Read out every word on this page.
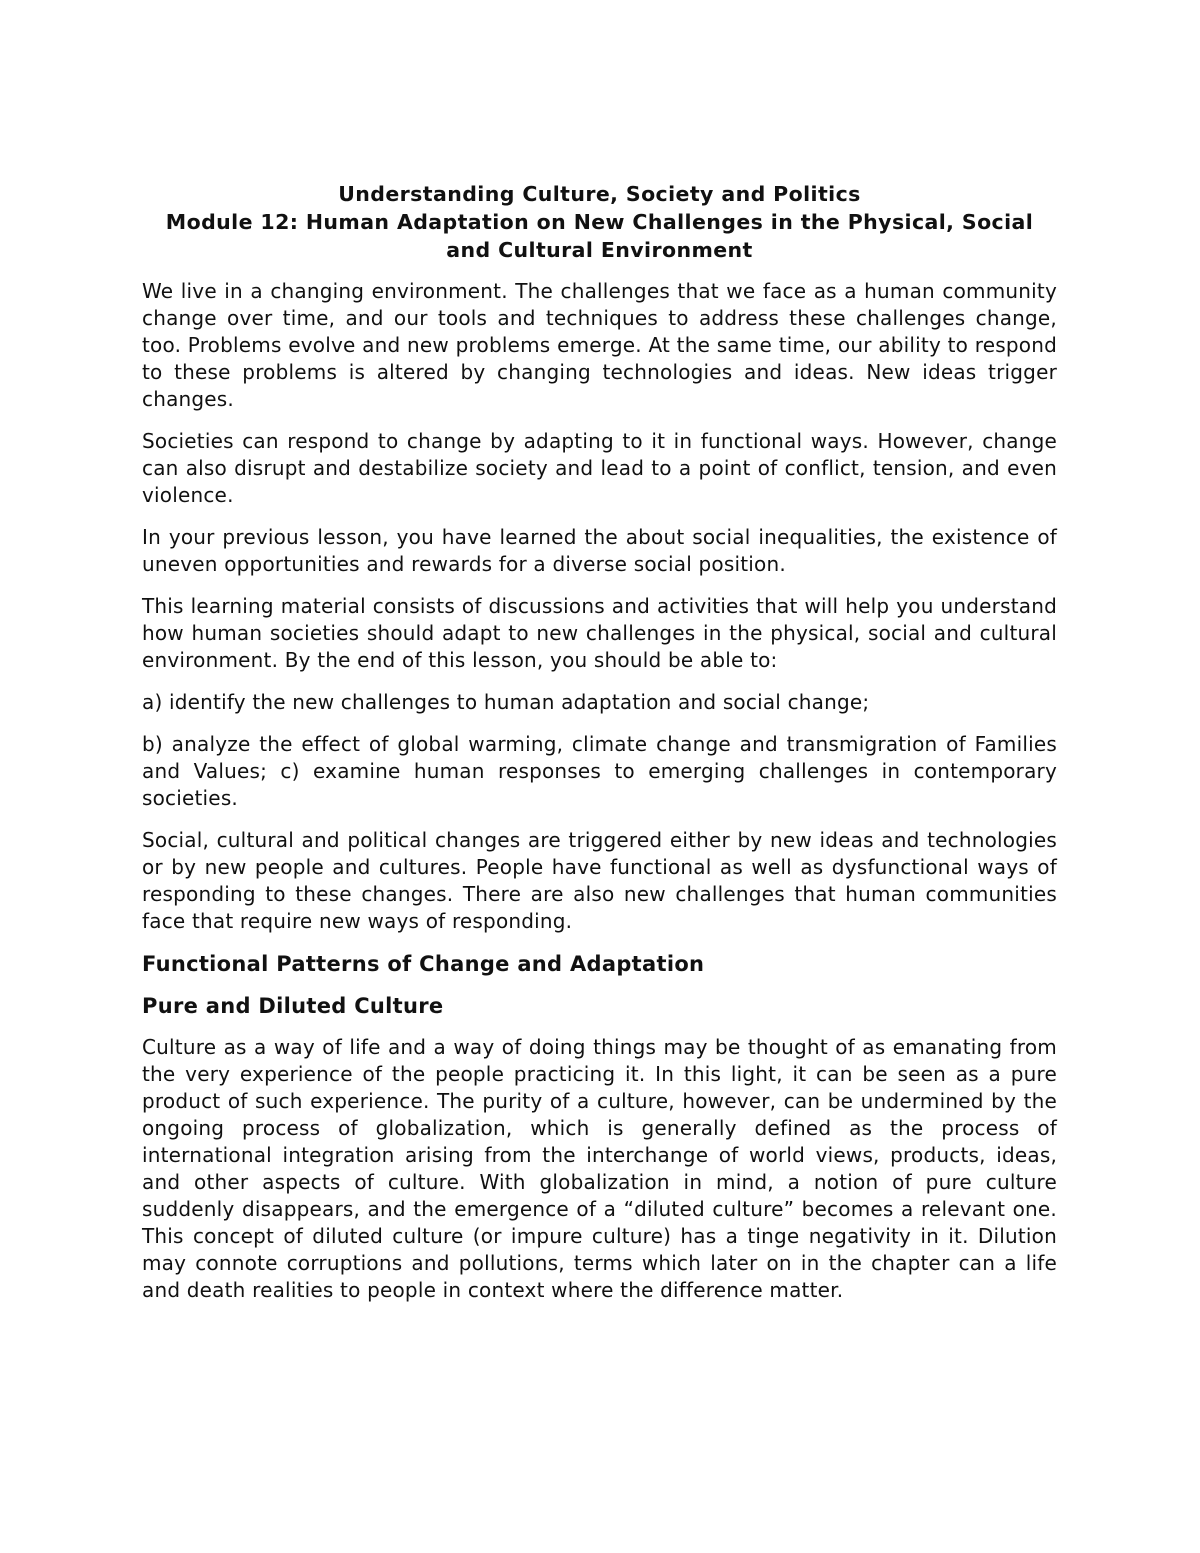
Understanding Culture, Society and Politics
Module 12: Human Adaptation on New Challenges in the Physical, Social
and Cultural Environment

We live in a changing environment. The challenges that we face as a human community change over time, and our tools and techniques to address these challenges change, too. Problems evolve and new problems emerge. At the same time, our ability to respond to these problems is altered by changing technologies and ideas. New ideas trigger changes.

Societies can respond to change by adapting to it in functional ways. However, change can also disrupt and destabilize society and lead to a point of conflict, tension, and even violence.

In your previous lesson, you have learned the about social inequalities, the existence of uneven opportunities and rewards for a diverse social position.

This learning material consists of discussions and activities that will help you understand how human societies should adapt to new challenges in the physical, social and cultural environment. By the end of this lesson, you should be able to:

a) identify the new challenges to human adaptation and social change;

b) analyze the effect of global warming, climate change and transmigration of Families and Values; c) examine human responses to emerging challenges in contemporary societies.

Social, cultural and political changes are triggered either by new ideas and technologies or by new people and cultures. People have functional as well as dysfunctional ways of responding to these changes. There are also new challenges that human communities face that require new ways of responding.

Functional Patterns of Change and Adaptation
Pure and Diluted Culture

Culture as a way of life and a way of doing things may be thought of as emanating from the very experience of the people practicing it. In this light, it can be seen as a pure product of such experience. The purity of a culture, however, can be undermined by the ongoing process of globalization, which is generally defined as the process of international integration arising from the interchange of world views, products, ideas, and other aspects of culture. With globalization in mind, a notion of pure culture suddenly disappears, and the emergence of a “diluted culture” becomes a relevant one. This concept of diluted culture (or impure culture) has a tinge negativity in it. Dilution may connote corruptions and pollutions, terms which later on in the chapter can a life and death realities to people in context where the difference matter.
